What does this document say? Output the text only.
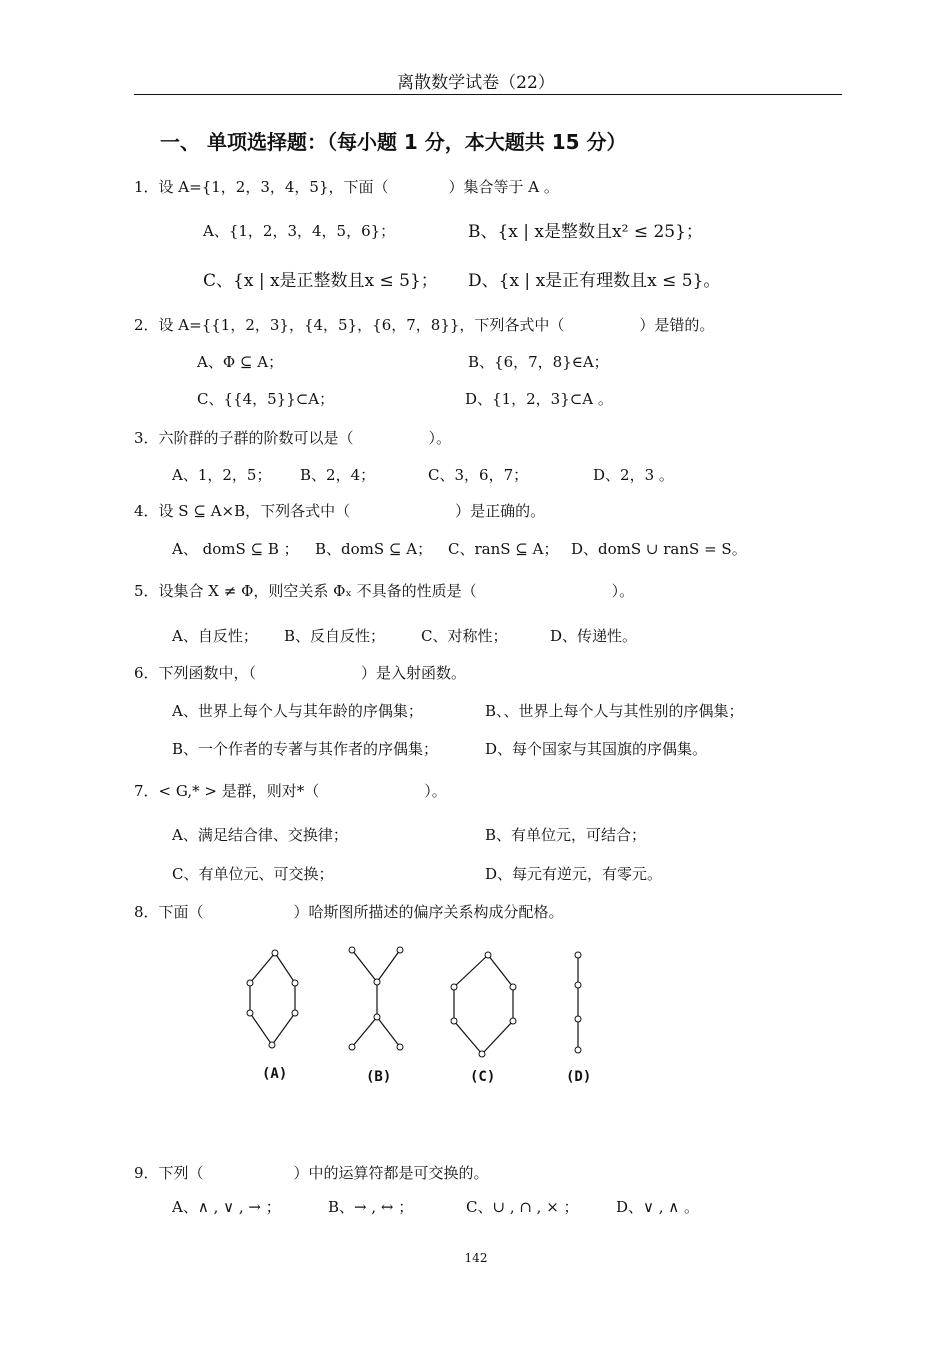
离散数学试卷（22）
一、 单项选择题：（每小题 1 分，本大题共 15 分）
1．设 A={1，2，3，4，5}，下面（　　　　）集合等于 A 。
A、{1，2，3，4，5，6}；	B、{x | x是整数且x² ≤ 25}；
C、{x | x是正整数且x ≤ 5}； D、{x | x是正有理数且x ≤ 5}。
2．设 A={{1，2，3}，{4，5}，{6，7，8}}，下列各式中（　　　　　）是错的。
A、Φ ⊆ A；	B、{6，7，8}∈A；
C、{{4，5}}⊂A；	D、{1，2，3}⊂A 。
3．六阶群的子群的阶数可以是（　　　　　）。
A、1，2，5； B、2，4；	C、3，6，7；	D、2，3 。
4．设 S ⊆ A×B，下列各式中（　　　　　　　）是正确的。
A、 domS ⊆ B ； B、domS ⊆ A； C、ranS ⊆ A； D、domS ∪ ranS = S。
5．设集合 X ≠ Φ，则空关系 Φₓ 不具备的性质是（　　　　　　　　　）。
A、自反性； B、反自反性； C、对称性；	D、传递性。
6．下列函数中，（　　　　　　　）是入射函数。
A、世界上每个人与其年龄的序偶集；	B、、世界上每个人与其性别的序偶集；
B、一个作者的专著与其作者的序偶集；	D、每个国家与其国旗的序偶集。
7．< G,* > 是群，则对*（　　　　　　　）。
A、满足结合律、交换律；	B、有单位元，可结合；
C、有单位元、可交换；	D、每元有逆元，有零元。
8．下面（　　　　　　）哈斯图所描述的偏序关系构成分配格。
(A)	(B)	(C)	(D)
9．下列（　　　　　　）中的运算符都是可交换的。
A、∧ , ∨ , → ；	B、→ , ↔ ；	C、∪ , ∩ , × ； D、∨ , ∧ 。
142
